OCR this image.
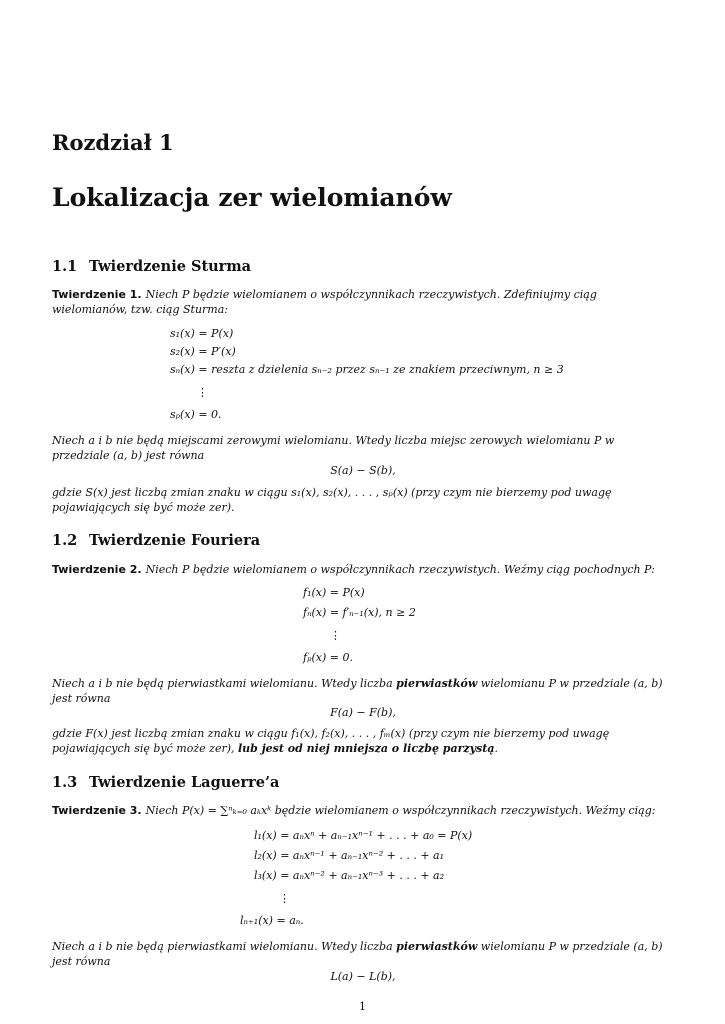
Rozdział 1
Lokalizacja zer wielomianów
1.1 Twierdzenie Sturma
Twierdzenie 1. Niech P będzie wielomianem o współczynnikach rzeczywistych. Zdefiniujmy ciąg wielomianów, tzw. ciąg Sturma:
s₁(x) = P(x)
s₂(x) = P′(x)
sₙ(x) = reszta z dzielenia sₙ₋₂ przez sₙ₋₁ ze znakiem przeciwnym, n ≥ 3
⋮
sₚ(x) = 0.
Niech a i b nie będą miejscami zerowymi wielomianu. Wtedy liczba miejsc zerowych wielomianu P w przedziale (a, b) jest równa
S(a) − S(b),
gdzie S(x) jest liczbą zmian znaku w ciągu s₁(x), s₂(x), . . . , sₚ(x) (przy czym nie bierzemy pod uwagę pojawiających się być może zer).
1.2 Twierdzenie Fouriera
Twierdzenie 2. Niech P będzie wielomianem o współczynnikach rzeczywistych. Weźmy ciąg pochodnych P:
f₁(x) = P(x)
fₙ(x) = f′ₙ₋₁(x), n ≥ 2
⋮
fₚ(x) = 0.
Niech a i b nie będą pierwiastkami wielomianu. Wtedy liczba pierwiastków wielomianu P w przedziale (a, b) jest równa
F(a) − F(b),
gdzie F(x) jest liczbą zmian znaku w ciągu f₁(x), f₂(x), . . . , fₘ(x) (przy czym nie bierzemy pod uwagę pojawiających się być może zer), lub jest od niej mniejsza o liczbę parzystą.
1.3 Twierdzenie Laguerre’a
Twierdzenie 3. Niech P(x) = ∑ⁿₖ₌₀ aₖxᵏ będzie wielomianem o współczynnikach rzeczywistych. Weźmy ciąg:
l₁(x) = aₙxⁿ + aₙ₋₁xⁿ⁻¹ + . . . + a₀ = P(x)
l₂(x) = aₙxⁿ⁻¹ + aₙ₋₁xⁿ⁻² + . . . + a₁
l₃(x) = aₙxⁿ⁻² + aₙ₋₁xⁿ⁻³ + . . . + a₂
⋮
lₙ₊₁(x) = aₙ.
Niech a i b nie będą pierwiastkami wielomianu. Wtedy liczba pierwiastków wielomianu P w przedziale (a, b) jest równa
L(a) − L(b),
1
